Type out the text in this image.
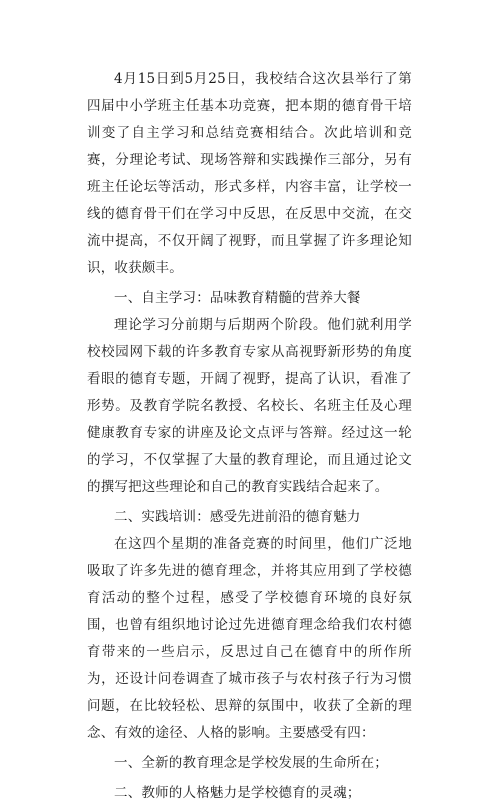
4月15日到5月25日，我校结合这次县举行了第四届中小学班主任基本功竞赛，把本期的德育骨干培训变了自主学习和总结竞赛相结合。次此培训和竞赛，分理论考试、现场答辩和实践操作三部分，另有班主任论坛等活动，形式多样，内容丰富，让学校一线的德育骨干们在学习中反思，在反思中交流，在交流中提高，不仅开阔了视野，而且掌握了许多理论知识，收获颇丰。

一、自主学习：品味教育精髓的营养大餐

理论学习分前期与后期两个阶段。他们就利用学校校园网下载的许多教育专家从高视野新形势的角度看眼的德育专题，开阔了视野，提高了认识，看准了形势。及教育学院名教授、名校长、名班主任及心理健康教育专家的讲座及论文点评与答辩。经过这一轮的学习，不仅掌握了大量的教育理论，而且通过论文的撰写把这些理论和自己的教育实践结合起来了。

二、实践培训：感受先进前沿的德育魅力

在这四个星期的准备竞赛的时间里，他们广泛地吸取了许多先进的德育理念，并将其应用到了学校德育活动的整个过程，感受了学校德育环境的良好氛围，也曾有组织地讨论过先进德育理念给我们农村德育带来的一些启示，反思过自己在德育中的所作所为，还设计问卷调查了城市孩子与农村孩子行为习惯问题，在比较轻松、思辩的氛围中，收获了全新的理念、有效的途径、人格的影响。主要感受有四：

一、全新的教育理念是学校发展的生命所在；

二、教师的人格魅力是学校德育的灵魂；
